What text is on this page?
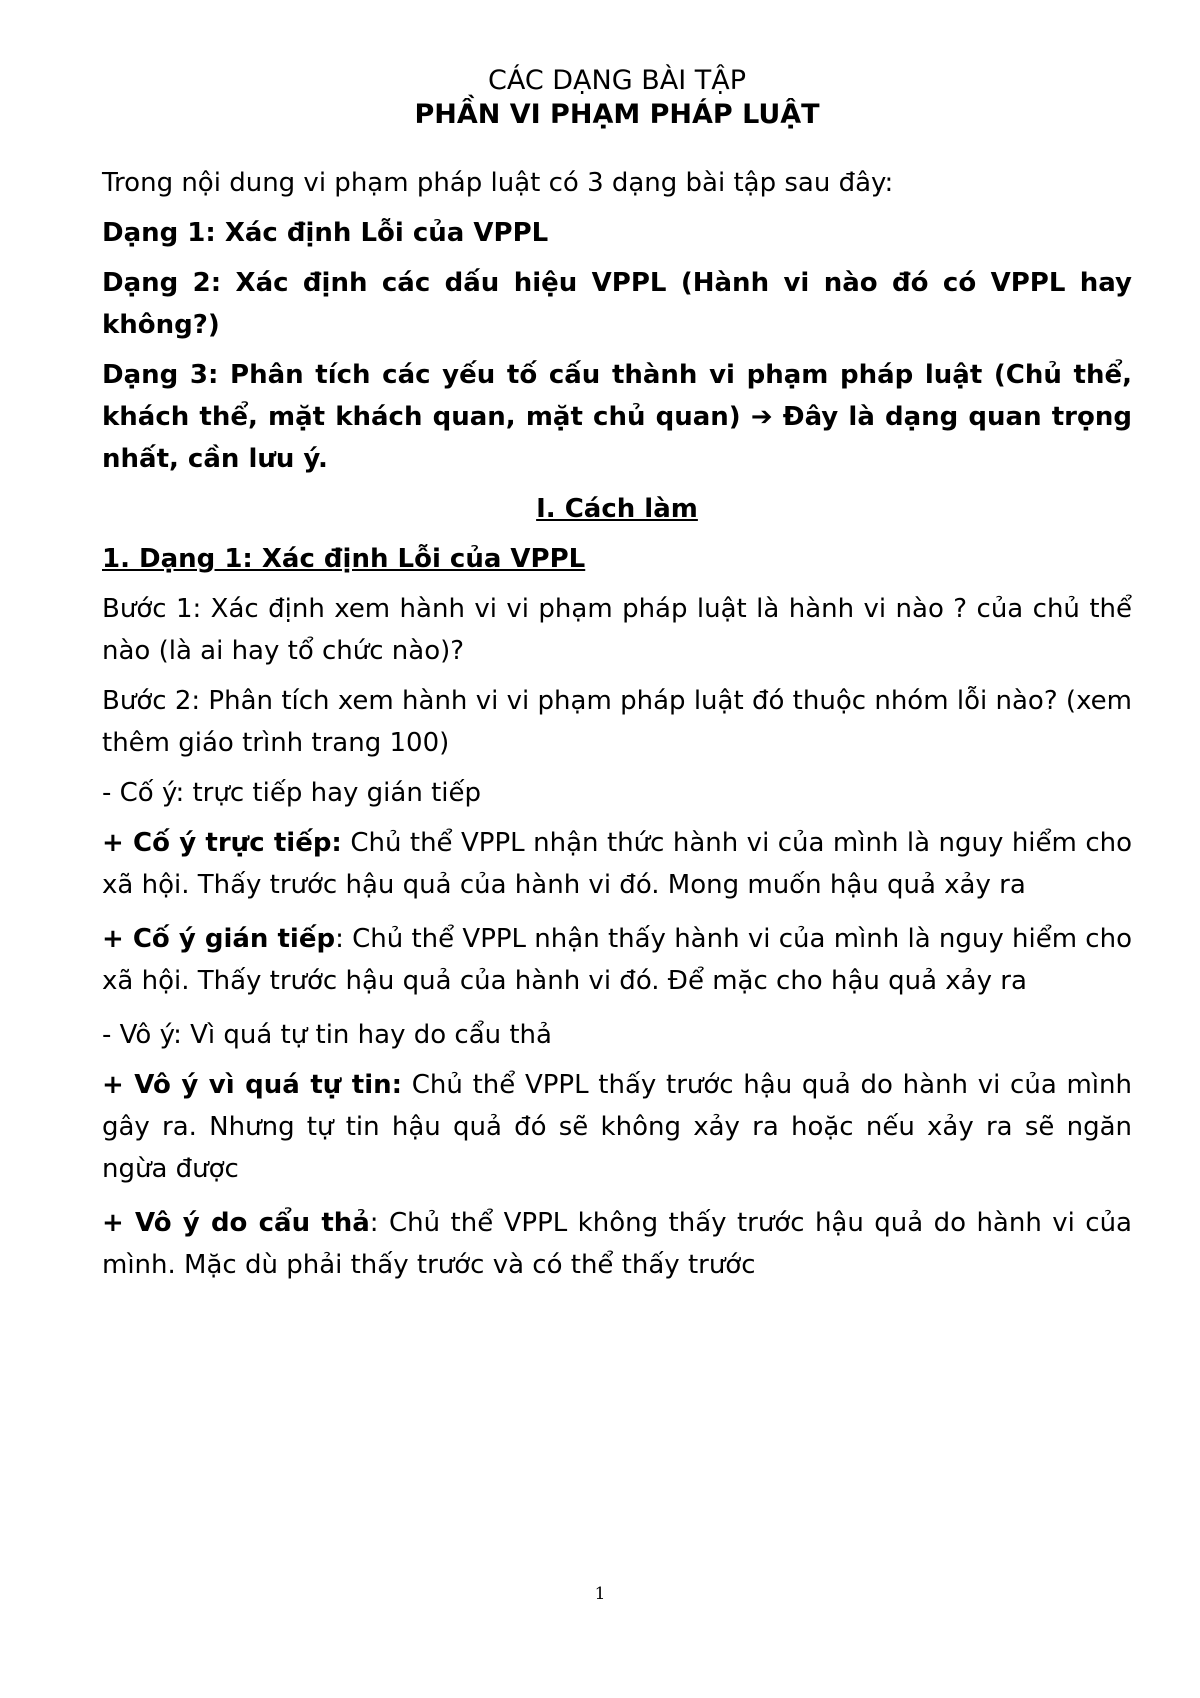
CÁC DẠNG BÀI TẬP

PHẦN VI PHẠM PHÁP LUẬT

Trong nội dung vi phạm pháp luật có 3 dạng bài tập sau đây:

Dạng 1: Xác định Lỗi của VPPL

Dạng 2: Xác định các dấu hiệu VPPL (Hành vi nào đó có VPPL hay không?)

Dạng 3: Phân tích các yếu tố cấu thành vi phạm pháp luật (Chủ thể, khách thể, mặt khách quan, mặt chủ quan) ➔ Đây là dạng quan trọng nhất, cần lưu ý.

I. Cách làm

1. Dạng 1: Xác định Lỗi của VPPL

Bước 1: Xác định xem hành vi vi phạm pháp luật là hành vi nào ? của chủ thể nào (là ai hay tổ chức nào)?

Bước 2: Phân tích xem hành vi vi phạm pháp luật đó thuộc nhóm lỗi nào? (xem thêm giáo trình trang 100)

- Cố ý: trực tiếp hay gián tiếp

+ Cố ý trực tiếp: Chủ thể VPPL nhận thức hành vi của mình là nguy hiểm cho xã hội. Thấy trước hậu quả của hành vi đó. Mong muốn hậu quả xảy ra

+ Cố ý gián tiếp: Chủ thể VPPL nhận thấy hành vi của mình là nguy hiểm cho xã hội. Thấy trước hậu quả của hành vi đó. Để mặc cho hậu quả xảy ra

- Vô ý: Vì quá tự tin hay do cẩu thả

+ Vô ý vì quá tự tin: Chủ thể VPPL thấy trước hậu quả do hành vi của mình gây ra. Nhưng tự tin hậu quả đó sẽ không xảy ra hoặc nếu xảy ra sẽ ngăn ngừa được

+ Vô ý do cẩu thả: Chủ thể VPPL không thấy trước hậu quả do hành vi của mình. Mặc dù phải thấy trước và có thể thấy trước

1
